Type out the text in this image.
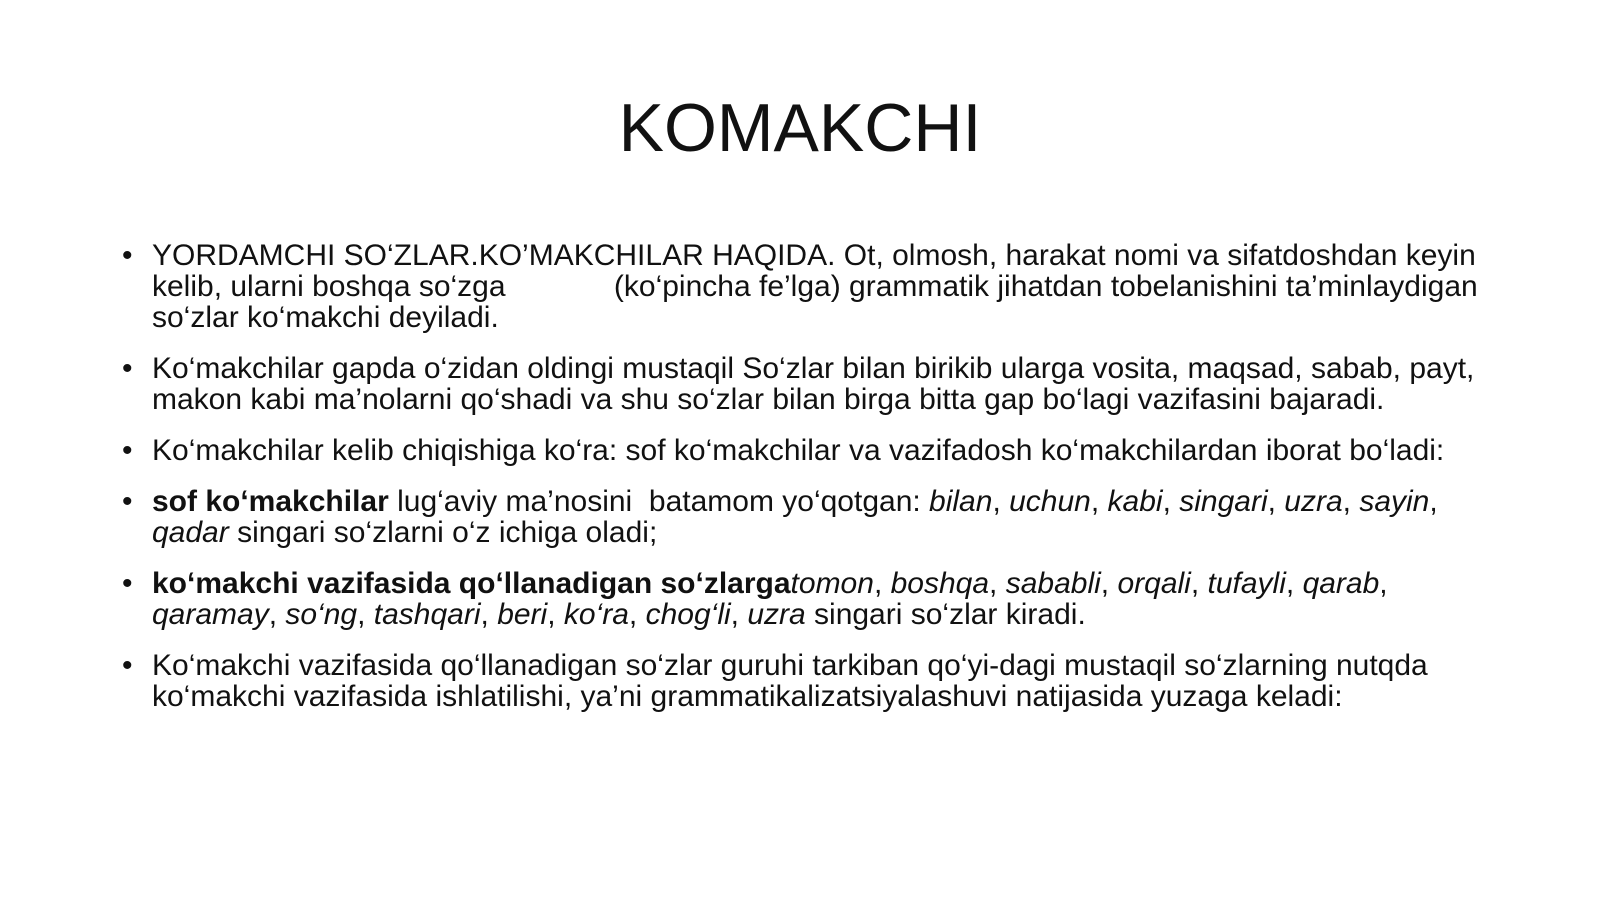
KOMAKCHI
• YORDAMCHI SO‘ZLAR.KO’MAKCHILAR HAQIDA. Ot, olmosh, harakat nomi va sifatdoshdan keyin kelib, ularni boshqa so‘zga             (ko‘pincha fe’lga) grammatik jihatdan tobelanishini ta’minlaydigan so‘zlar ko‘makchi deyiladi.
• Ko‘makchilar gapda o‘zidan oldingi mustaqil So‘zlar bilan birikib ularga vosita, maqsad, sabab, payt, makon kabi ma’nolarni qo‘shadi va shu so‘zlar bilan birga bitta gap bo‘lagi vazifasini bajaradi.
• Ko‘makchilar kelib chiqishiga ko‘ra: sof ko‘makchilar va vazifadosh ko‘makchilardan iborat bo‘ladi:
• sof ko‘makchilar lug‘aviy ma’nosini  batamom yo‘qotgan: bilan, uchun, kabi, singari, uzra, sayin, qadar singari so‘zlarni o‘z ichiga oladi;
• ko‘makchi vazifasida qo‘llanadigan so‘zlargatomon, boshqa, sababli, orqali, tufayli, qarab, qaramay, so‘ng, tashqari, beri, ko‘ra, chog‘li, uzra singari so‘zlar kiradi.
• Ko‘makchi vazifasida qo‘llanadigan so‘zlar guruhi tarkiban qo‘yi-dagi mustaqil so‘zlarning nutqda ko‘makchi vazifasida ishlatilishi, ya’ni grammatikalizatsiyalashuvi natijasida yuzaga keladi:
